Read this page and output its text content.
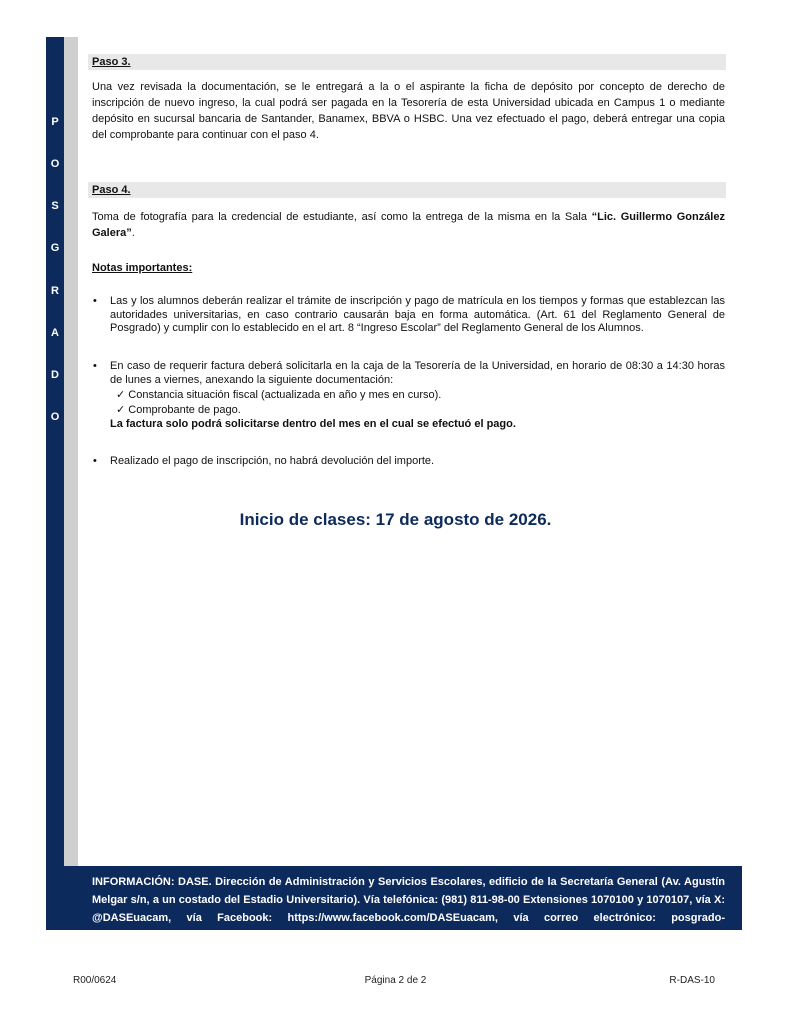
P
O
S
G
R
A
D
O
Paso 3.
Una vez revisada la documentación, se le entregará a la o el aspirante la ficha de depósito por concepto de derecho de inscripción de nuevo ingreso, la cual podrá ser pagada en la Tesorería de esta Universidad ubicada en Campus 1 o mediante depósito en sucursal bancaria de Santander, Banamex, BBVA o HSBC. Una vez efectuado el pago, deberá entregar una copia del comprobante para continuar con el paso 4.
Paso 4.
Toma de fotografía para la credencial de estudiante, así como la entrega de la misma en la Sala “Lic. Guillermo González Galera”.
Notas importantes:
• Las y los alumnos deberán realizar el trámite de inscripción y pago de matrícula en los tiempos y formas que establezcan las autoridades universitarias, en caso contrario causarán baja en forma automática. (Art. 61 del Reglamento General de Posgrado) y cumplir con lo establecido en el art. 8 “Ingreso Escolar” del Reglamento General de los Alumnos.
• En caso de requerir factura deberá solicitarla en la caja de la Tesorería de la Universidad, en horario de 08:30 a 14:30 horas de lunes a viernes, anexando la siguiente documentación:
✓ Constancia situación fiscal (actualizada en año y mes en curso).
✓ Comprobante de pago.
La factura solo podrá solicitarse dentro del mes en el cual se efectuó el pago.
• Realizado el pago de inscripción, no habrá devolución del importe.
Inicio de clases: 17 de agosto de 2026.
INFORMACIÓN: DASE. Dirección de Administración y Servicios Escolares, edificio de la Secretaría General (Av. Agustín Melgar s/n, a un costado del Estadio Universitario). Vía telefónica: (981) 811-98-00 Extensiones 1070100 y 1070107, vía X: @DASEuacam, vía Facebook: https://www.facebook.com/DASEuacam, vía correo electrónico: posgrado-dase@uacam.mx
R00/0624	Página 2 de 2	R-DAS-10
